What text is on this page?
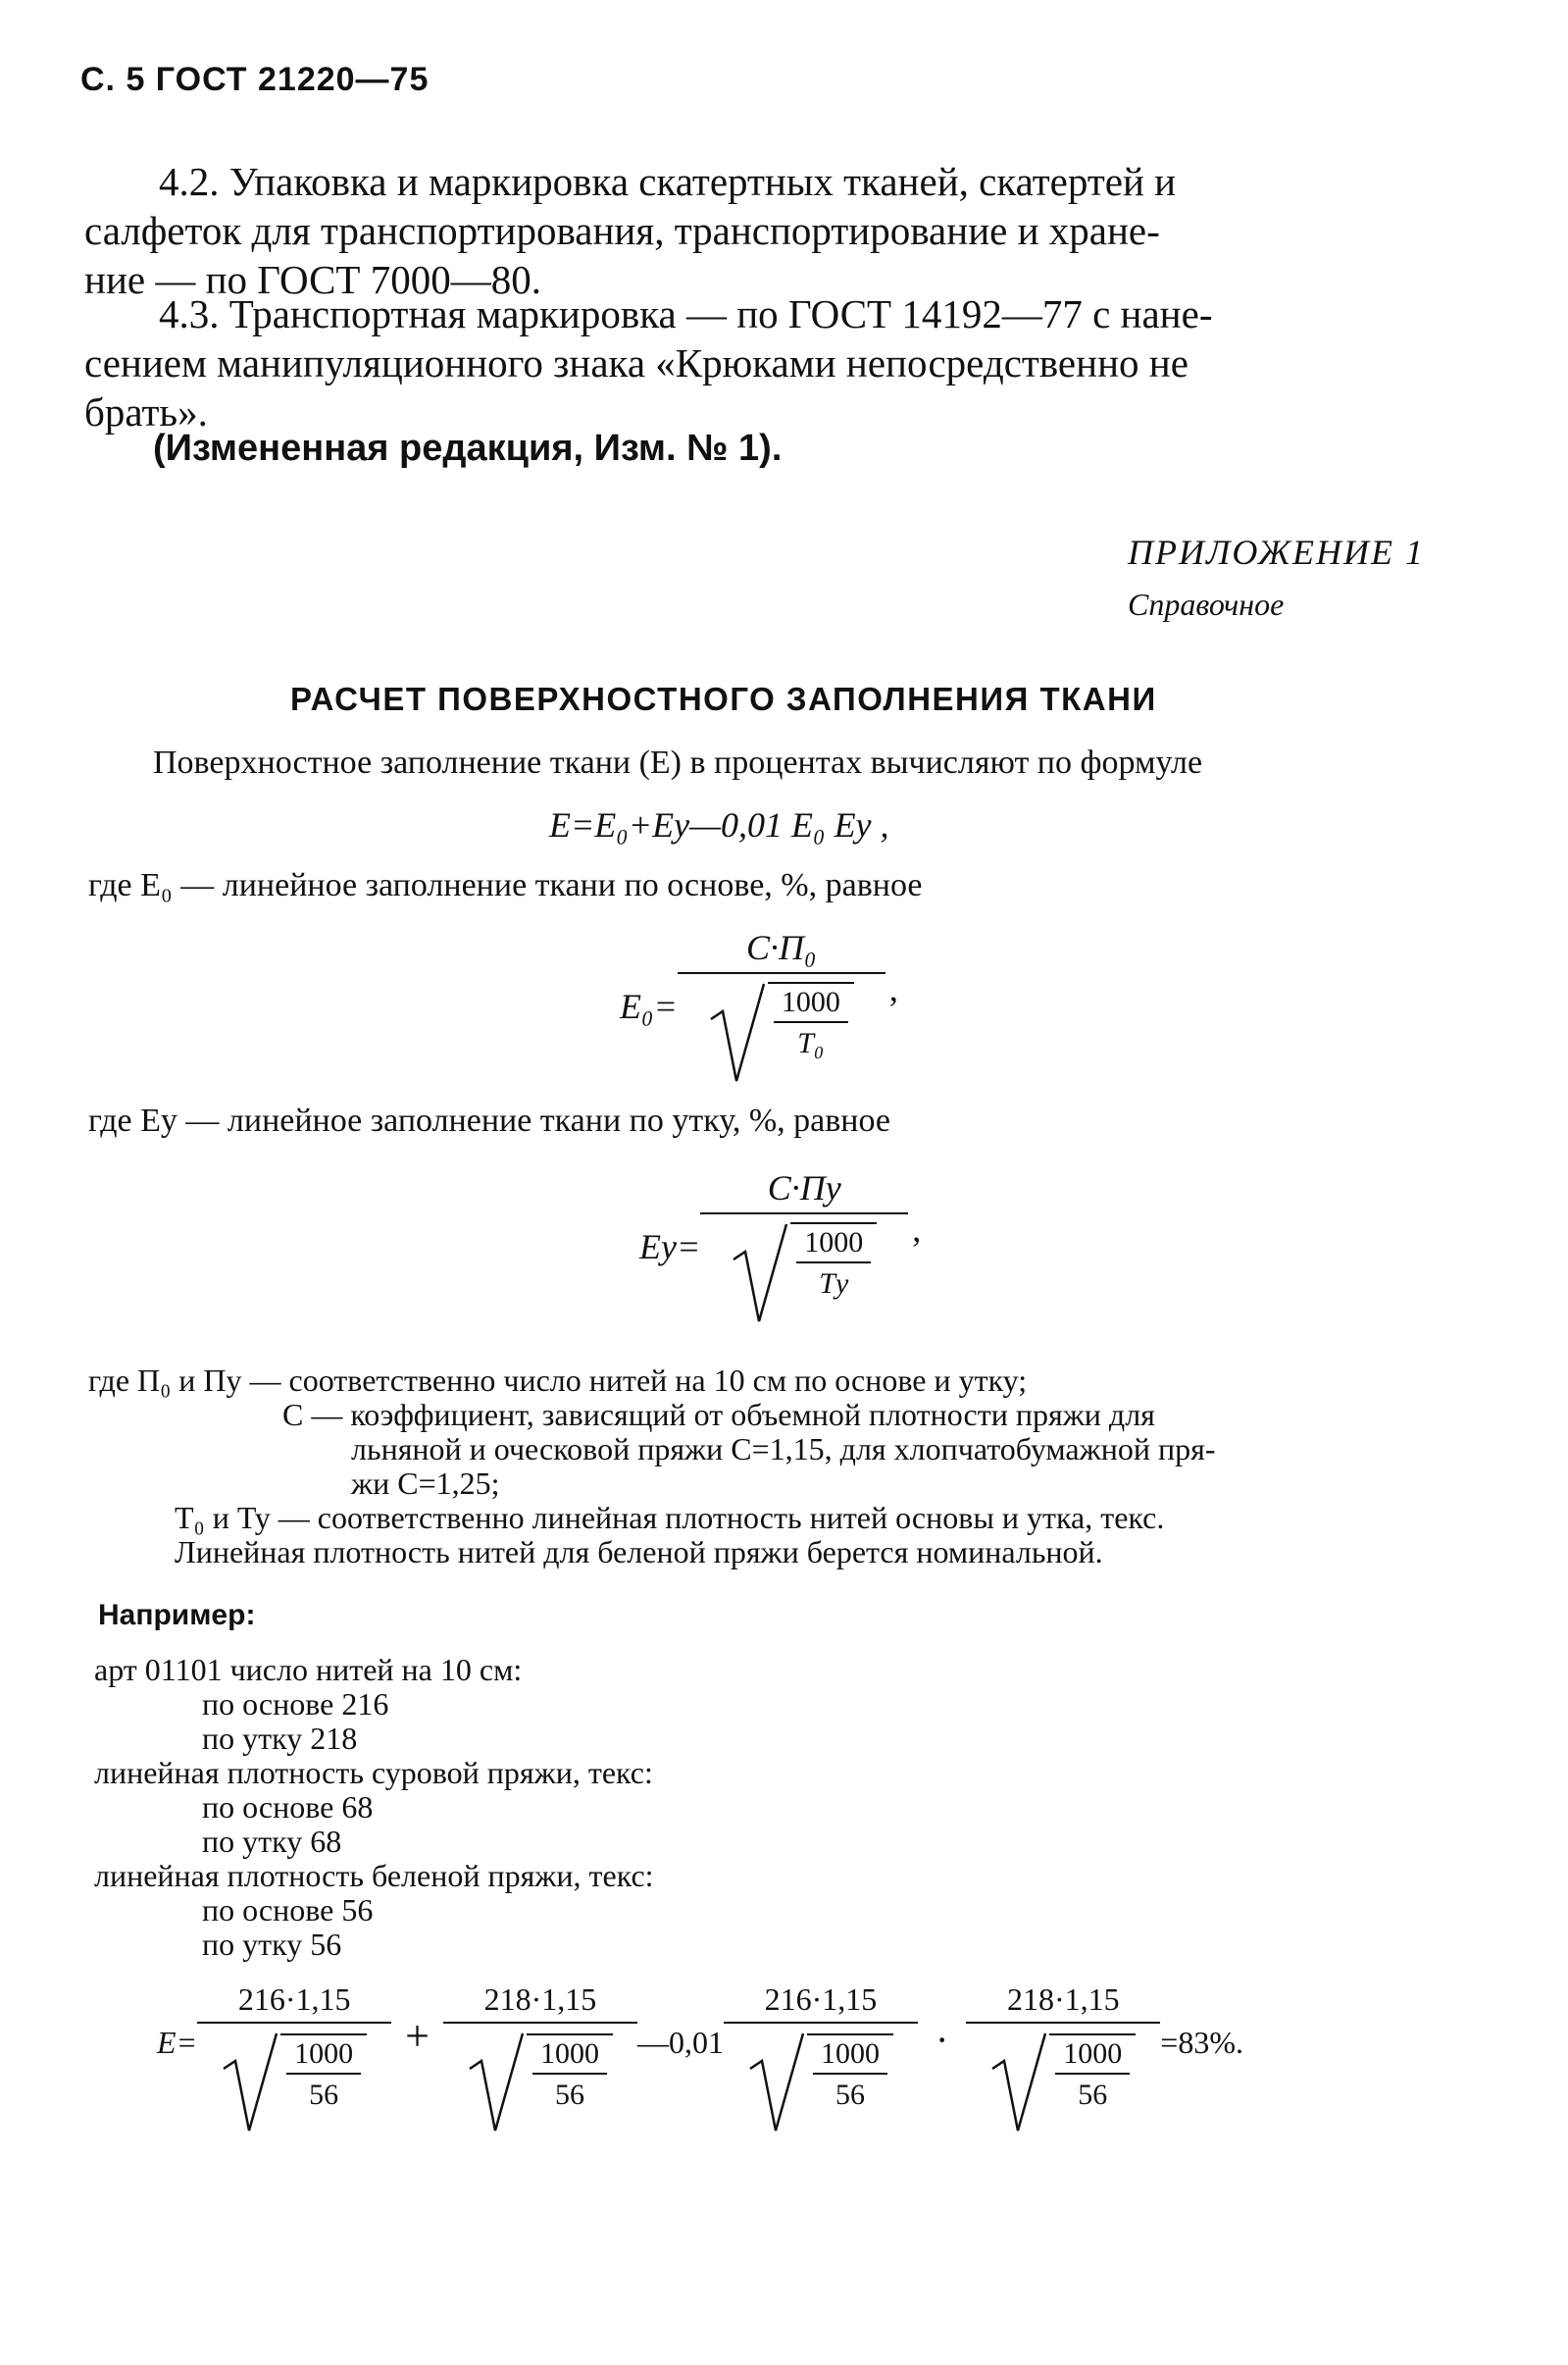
С. 5 ГОСТ 21220—75
4.2. Упаковка и маркировка скатертных тканей, скатертей и
салфеток для транспортирования, транспортирование и хране-
ние — по ГОСТ 7000—80.
4.3. Транспортная маркировка — по ГОСТ 14192—77 с нане-
сением манипуляционного знака «Крюками непосредственно не
брать».
(Измененная редакция, Изм. № 1).
ПРИЛОЖЕНИЕ 1
Справочное
РАСЧЕТ ПОВЕРХНОСТНОГО ЗАПОЛНЕНИЯ ТКАНИ
Поверхностное заполнение ткани (Е) в процентах вычисляют по формуле
E=E₀+Eу—0,01 E₀ Eу ,
где Е₀ — линейное заполнение ткани по основе, %, равное
$E_0= \frac{\text{C·П₀}}{\frac{1000}{\text{T₀}}}$ ,
где Еу — линейное заполнение ткани по утку, %, равное
$Eу= \frac{C\cdot Пу}{\frac{1000}{Tу}}$ ,
где П₀ и Пу — соответственно число нитей на 10 см по основе и утку;
С — коэффициент, зависящий от объемной плотности пряжи для
льняной и оческовой пряжи С=1,15, для хлопчатобумажной пря-
жи С=1,25;
Т₀ и Ту — соответственно линейная плотность нитей основы и утка, текс.
Линейная плотность нитей для беленой пряжи берется номинальной.
Например:
арт 01101 число нитей на 10 см:
по основе 216
по утку 218
линейная плотность суровой пряжи, текс:
по основе 68
по утку 68
линейная плотность беленой пряжи, текс:
по основе 56
по утку 56
$E= \frac{216\cdot 1,15}{\frac{1000}{56}} + \frac{218\cdot 1,15}{\frac{1000}{56}}$ —0,01 $\frac{216\cdot 1,15}{\frac{1000}{56}} \cdot \frac{218\cdot 1,15}{\frac{1000}{56}} =83\%$.
